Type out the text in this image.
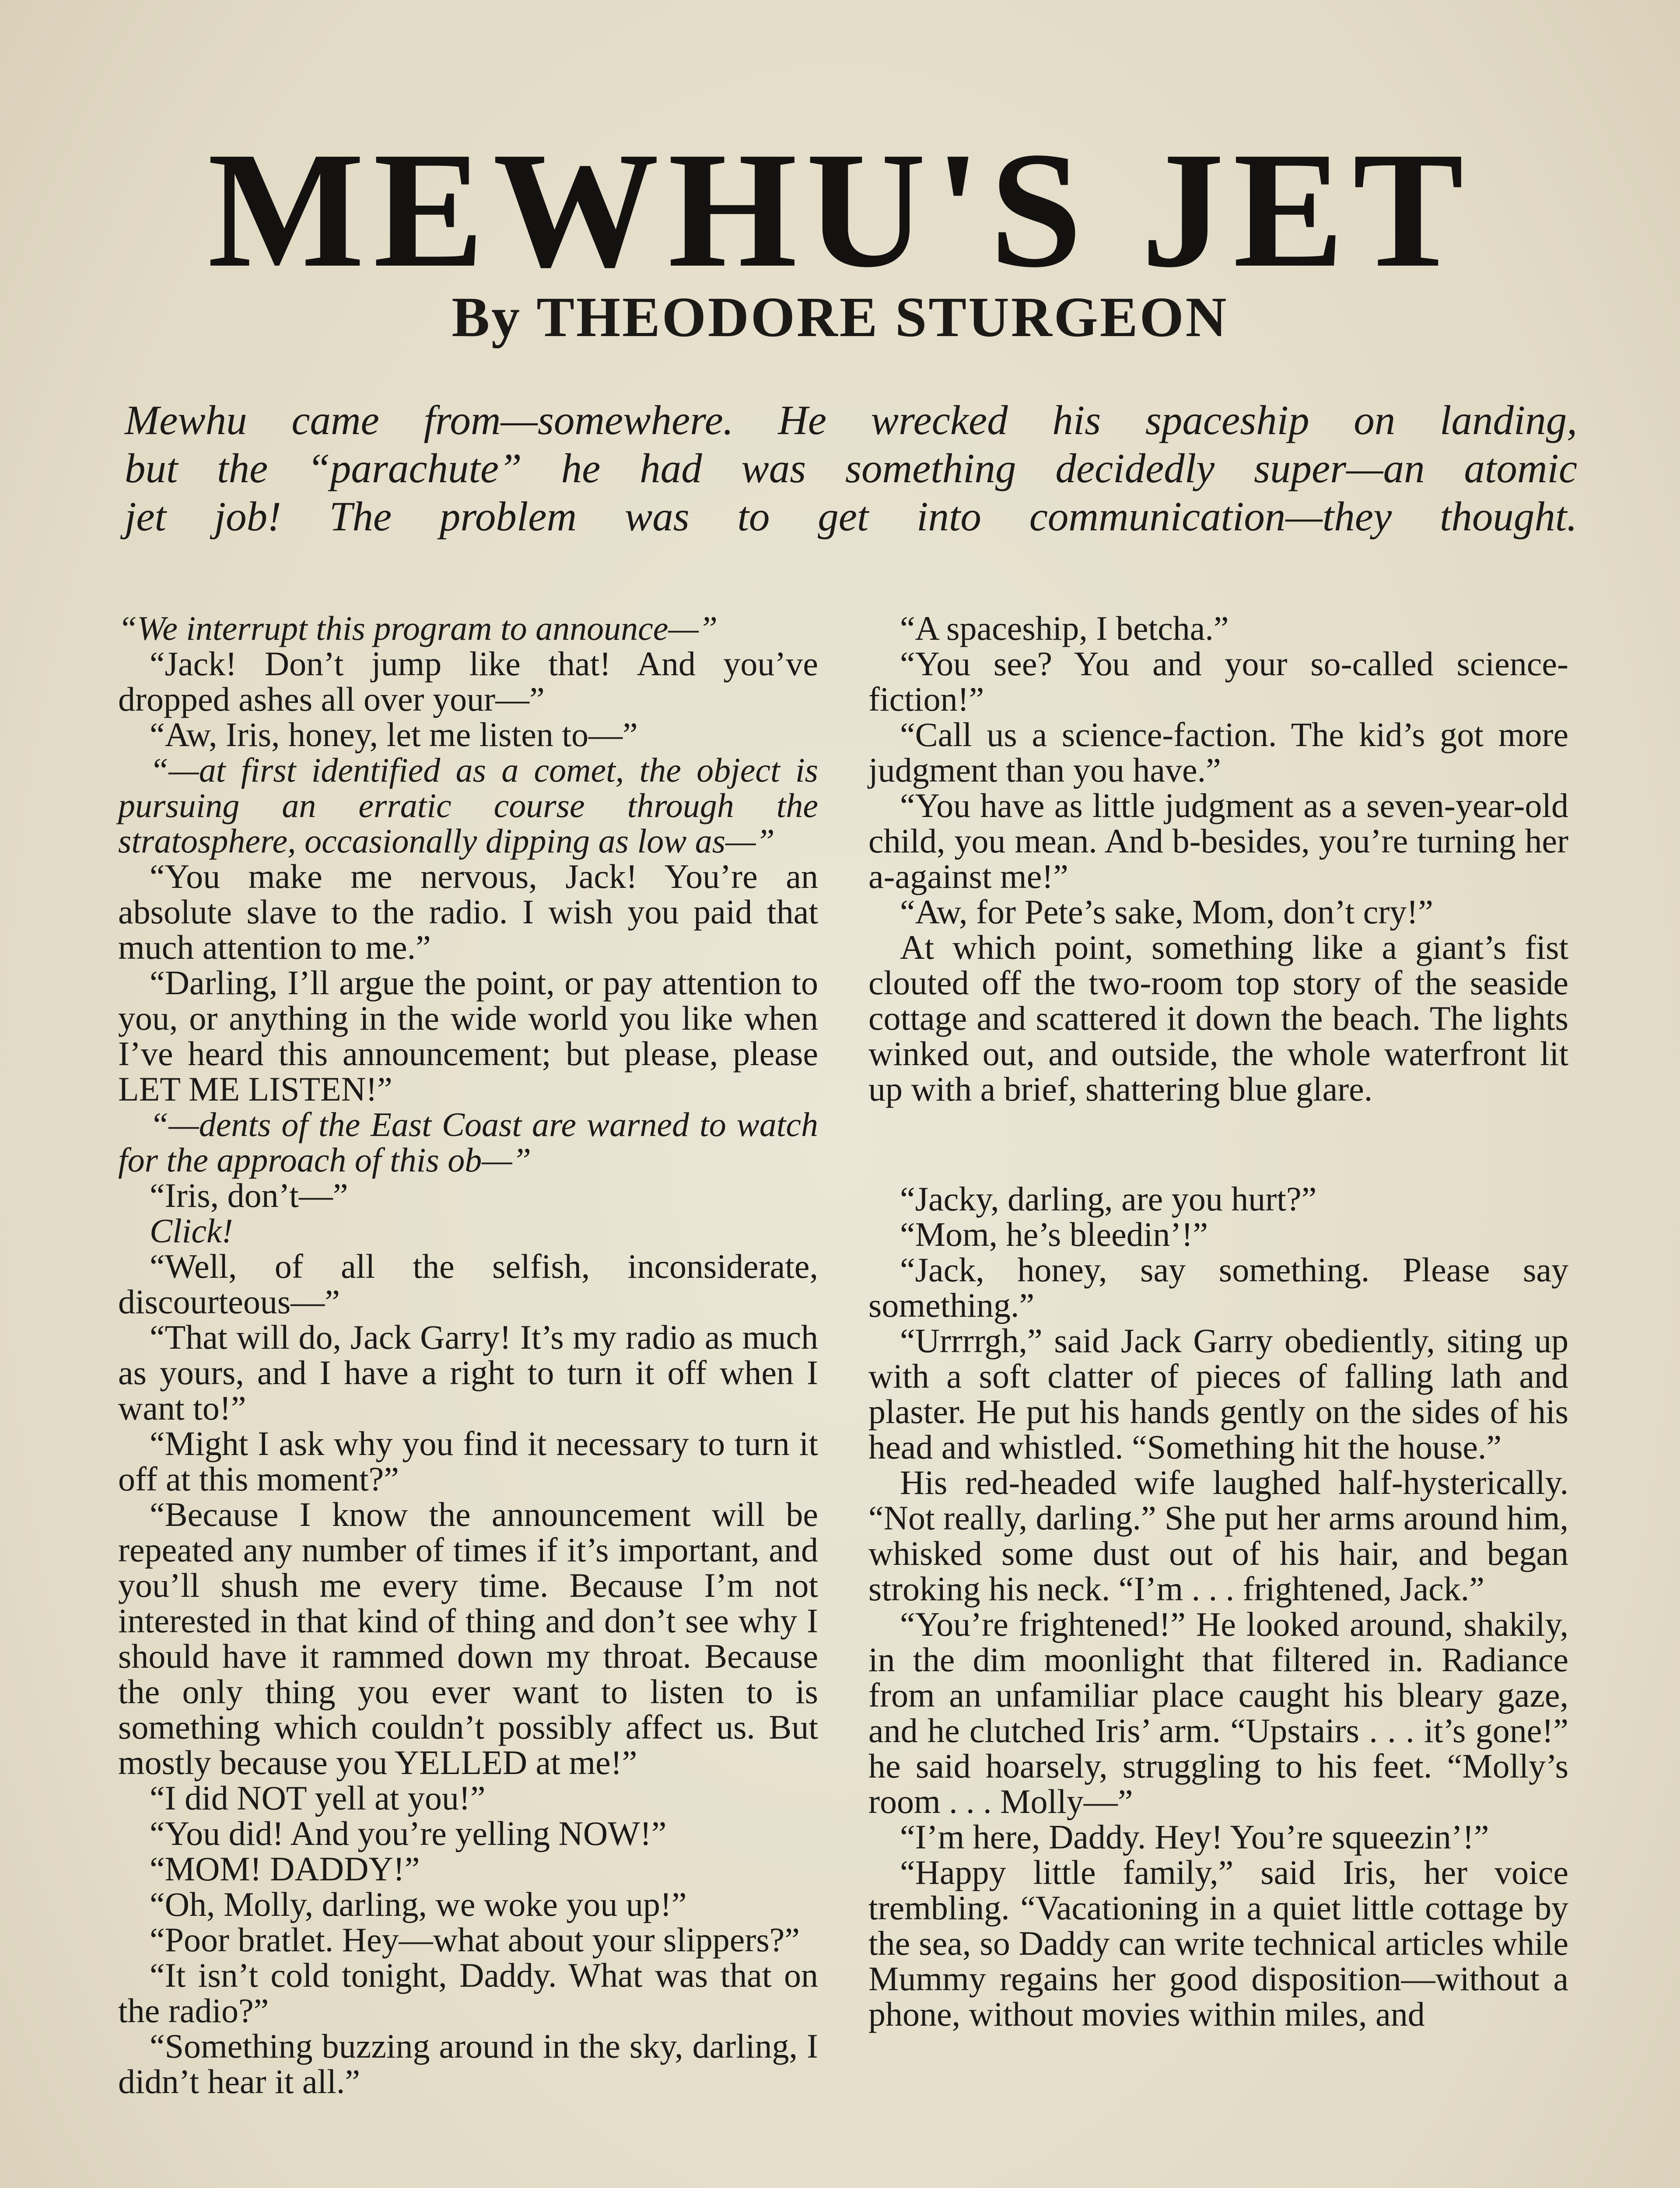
MEWHU'S JET
By THEODORE STURGEON
Mewhu came from—somewhere. He wrecked his spaceship on landing,
but the “parachute” he had was something decidedly super—an atomic
jet job! The problem was to get into communication—they thought.

“We interrupt this program to announce—”

“Jack! Don’t jump like that! And you’ve dropped ashes all over your—”

“Aw, Iris, honey, let me listen to—”

“—at first identified as a comet, the object is pursuing an erratic course through the stratosphere, occasionally dipping as low as—”

“You make me nervous, Jack! You’re an absolute slave to the radio. I wish you paid that much attention to me.”

“Darling, I’ll argue the point, or pay attention to you, or anything in the wide world you like when I’ve heard this announcement; but please, please LET ME LISTEN!”

“—dents of the East Coast are warned to watch for the approach of this ob—”

“Iris, don’t—”

Click!

“Well, of all the selfish, inconsiderate, discourteous—”

“That will do, Jack Garry! It’s my radio as much as yours, and I have a right to turn it off when I want to!”

“Might I ask why you find it necessary to turn it off at this moment?”

“Because I know the announcement will be repeated any number of times if it’s important, and you’ll shush me every time. Because I’m not interested in that kind of thing and don’t see why I should have it rammed down my throat. Because the only thing you ever want to listen to is something which couldn’t possibly affect us. But mostly because you YELLED at me!”

“I did NOT yell at you!”

“You did! And you’re yelling NOW!”

“MOM! DADDY!”

“Oh, Molly, darling, we woke you up!”

“Poor bratlet. Hey—what about your slippers?”

“It isn’t cold tonight, Daddy. What was that on the radio?”

“Something buzzing around in the sky, darling, I didn’t hear it all.”

“A spaceship, I betcha.”

“You see? You and your so-called science-fiction!”

“Call us a science-faction. The kid’s got more judgment than you have.”

“You have as little judgment as a seven-year-old child, you mean. And b-besides, you’re turning her a-against me!”

“Aw, for Pete’s sake, Mom, don’t cry!”

At which point, something like a giant’s fist clouted off the two-room top story of the seaside cottage and scattered it down the beach. The lights winked out, and outside, the whole waterfront lit up with a brief, shattering blue glare.

“Jacky, darling, are you hurt?”

“Mom, he’s bleedin’!”

“Jack, honey, say something. Please say something.”

“Urrrrgh,” said Jack Garry obediently, siting up with a soft clatter of pieces of falling lath and plaster. He put his hands gently on the sides of his head and whistled. “Something hit the house.”

His red-headed wife laughed half-hysterically. “Not really, darling.” She put her arms around him, whisked some dust out of his hair, and began stroking his neck. “I’m . . . frightened, Jack.”

“You’re frightened!” He looked around, shakily, in the dim moonlight that filtered in. Radiance from an unfamiliar place caught his bleary gaze, and he clutched Iris’ arm. “Upstairs . . . it’s gone!” he said hoarsely, struggling to his feet. “Molly’s room . . . Molly—”

“I’m here, Daddy. Hey! You’re squeezin’!”

“Happy little family,” said Iris, her voice trembling. “Vacationing in a quiet little cottage by the sea, so Daddy can write technical articles while Mummy regains her good disposition—without a phone, without movies within miles, and
